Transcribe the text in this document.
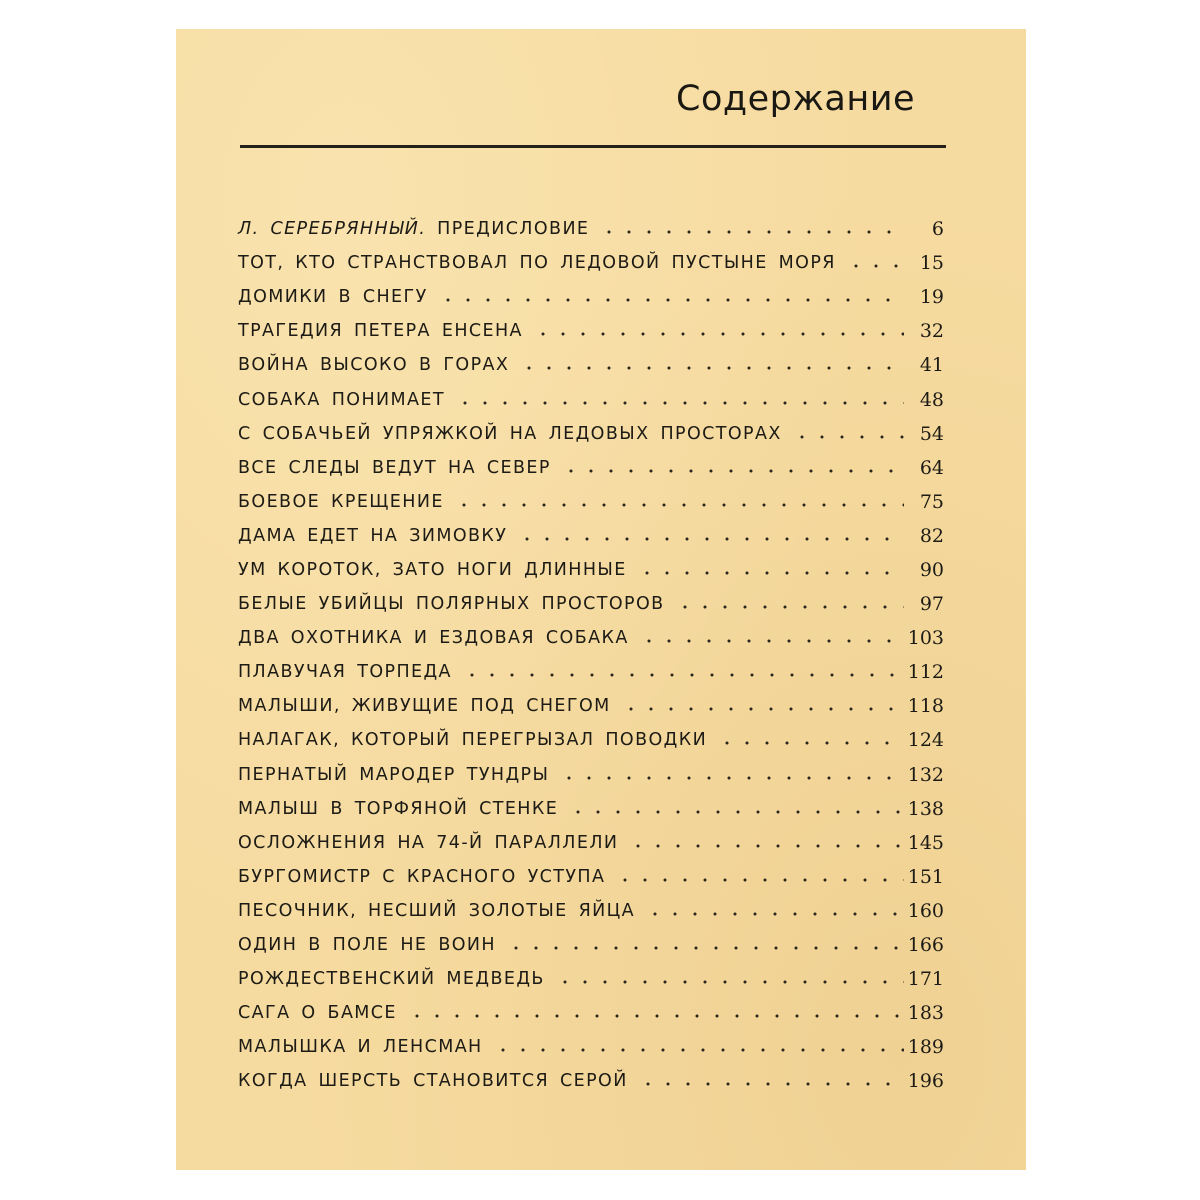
Содержание
Л. СЕРЕБРЯННЫЙ. ПРЕДИСЛОВИЕ	6
ТОТ, КТО СТРАНСТВОВАЛ ПО ЛЕДОВОЙ ПУСТЫНЕ МОРЯ	15
ДОМИКИ В СНЕГУ	19
ТРАГЕДИЯ ПЕТЕРА ЕНСЕНА	32
ВОЙНА ВЫСОКО В ГОРАХ	41
СОБАКА ПОНИМАЕТ	48
С СОБАЧЬЕЙ УПРЯЖКОЙ НА ЛЕДОВЫХ ПРОСТОРАХ	54
ВСЕ СЛЕДЫ ВЕДУТ НА СЕВЕР	64
БОЕВОЕ КРЕЩЕНИЕ	75
ДАМА ЕДЕТ НА ЗИМОВКУ	82
УМ КОРОТОК, ЗАТО НОГИ ДЛИННЫЕ	90
БЕЛЫЕ УБИЙЦЫ ПОЛЯРНЫХ ПРОСТОРОВ	97
ДВА ОХОТНИКА И ЕЗДОВАЯ СОБАКА	103
ПЛАВУЧАЯ ТОРПЕДА	112
МАЛЫШИ, ЖИВУЩИЕ ПОД СНЕГОМ	118
НАЛАГАК, КОТОРЫЙ ПЕРЕГРЫЗАЛ ПОВОДКИ	124
ПЕРНАТЫЙ МАРОДЕР ТУНДРЫ	132
МАЛЫШ В ТОРФЯНОЙ СТЕНКЕ	138
ОСЛОЖНЕНИЯ НА 74-Й ПАРАЛЛЕЛИ	145
БУРГОМИСТР С КРАСНОГО УСТУПА	151
ПЕСОЧНИК, НЕСШИЙ ЗОЛОТЫЕ ЯЙЦА	160
ОДИН В ПОЛЕ НЕ ВОИН	166
РОЖДЕСТВЕНСКИЙ МЕДВЕДЬ	171
САГА О БАМСЕ	183
МАЛЫШКА И ЛЕНСМАН	189
КОГДА ШЕРСТЬ СТАНОВИТСЯ СЕРОЙ	196
